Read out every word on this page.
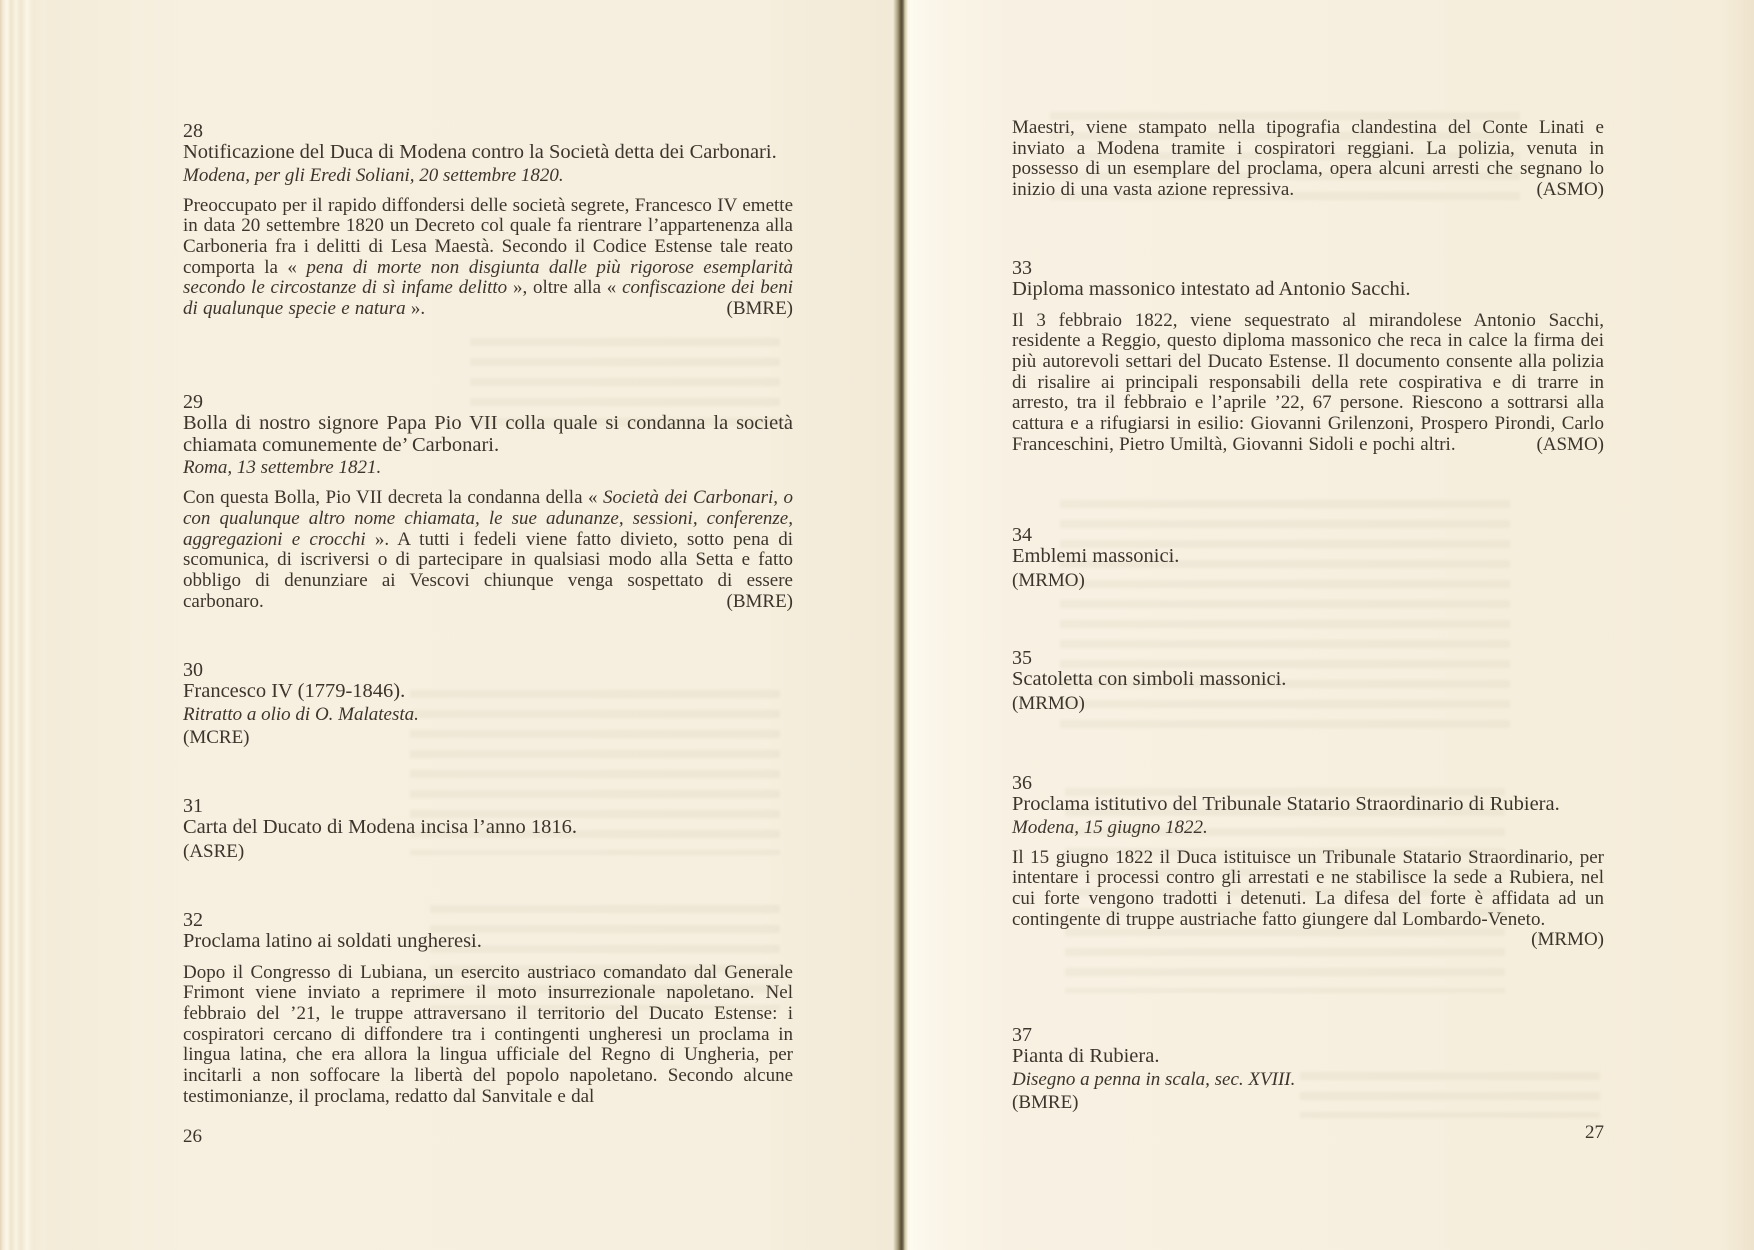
28
Notificazione del Duca di Modena contro la Società detta dei Carbonari.
Modena, per gli Eredi Soliani, 20 settembre 1820.

Preoccupato per il rapido diffondersi delle società segrete, Francesco IV emette in data 20 settembre 1820 un Decreto col quale fa rientrare l’appartenenza alla Carboneria fra i delitti di Lesa Maestà. Secondo il Codice Estense tale reato comporta la « pena di morte non disgiunta dalle più rigorose esemplarità secondo le circostanze di sì infame delitto », oltre alla « confiscazione dei beni di qualunque specie e natura ».	(BMRE)

29
Bolla di nostro signore Papa Pio VII colla quale si condanna la società chiamata comunemente de’ Carbonari.
Roma, 13 settembre 1821.

Con questa Bolla, Pio VII decreta la condanna della « Società dei Carbonari, o con qualunque altro nome chiamata, le sue adunanze, sessioni, conferenze, aggregazioni e crocchi ». A tutti i fedeli viene fatto divieto, sotto pena di scomunica, di iscriversi o di partecipare in qualsiasi modo alla Setta e fatto obbligo di denunziare ai Vescovi chiunque venga sospettato di essere carbonaro.	(BMRE)

30
Francesco IV (1779-1846).
Ritratto a olio di O. Malatesta.
(MCRE)
31
Carta del Ducato di Modena incisa l’anno 1816.
(ASRE)
32
Proclama latino ai soldati ungheresi.

Dopo il Congresso di Lubiana, un esercito austriaco comandato dal Generale Frimont viene inviato a reprimere il moto insurrezionale napoletano. Nel febbraio del ’21, le truppe attraversano il territorio del Ducato Estense: i cospiratori cercano di diffondere tra i contingenti ungheresi un proclama in lingua latina, che era allora la lingua ufficiale del Regno di Ungheria, per incitarli a non soffocare la libertà del popolo napoletano. Secondo alcune testimonianze, il proclama, redatto dal Sanvitale e dal

26

Maestri, viene stampato nella tipografia clandestina del Conte Linati e inviato a Modena tramite i cospiratori reggiani. La polizia, venuta in possesso di un esemplare del proclama, opera alcuni arresti che segnano lo inizio di una vasta azione repressiva.	(ASMO)

33
Diploma massonico intestato ad Antonio Sacchi.

Il 3 febbraio 1822, viene sequestrato al mirandolese Antonio Sacchi, residente a Reggio, questo diploma massonico che reca in calce la firma dei più autorevoli settari del Ducato Estense. Il documento consente alla polizia di risalire ai principali responsabili della rete cospirativa e di trarre in arresto, tra il febbraio e l’aprile ’22, 67 persone. Riescono a sottrarsi alla cattura e a rifugiarsi in esilio: Giovanni Grilenzoni, Prospero Pirondi, Carlo Franceschini, Pietro Umiltà, Giovanni Sidoli e pochi altri.	(ASMO)

34
Emblemi massonici.
(MRMO)
35
Scatoletta con simboli massonici.
(MRMO)
36
Proclama istitutivo del Tribunale Statario Straordinario di Rubiera.
Modena, 15 giugno 1822.

Il 15 giugno 1822 il Duca istituisce un Tribunale Statario Straordinario, per intentare i processi contro gli arrestati e ne stabilisce la sede a Rubiera, nel cui forte vengono tradotti i detenuti. La difesa del forte è affidata ad un contingente di truppe austriache fatto giungere dal Lombardo-Veneto.
(MRMO)

37
Pianta di Rubiera.
Disegno a penna in scala, sec. XVIII.
(BMRE)
27
